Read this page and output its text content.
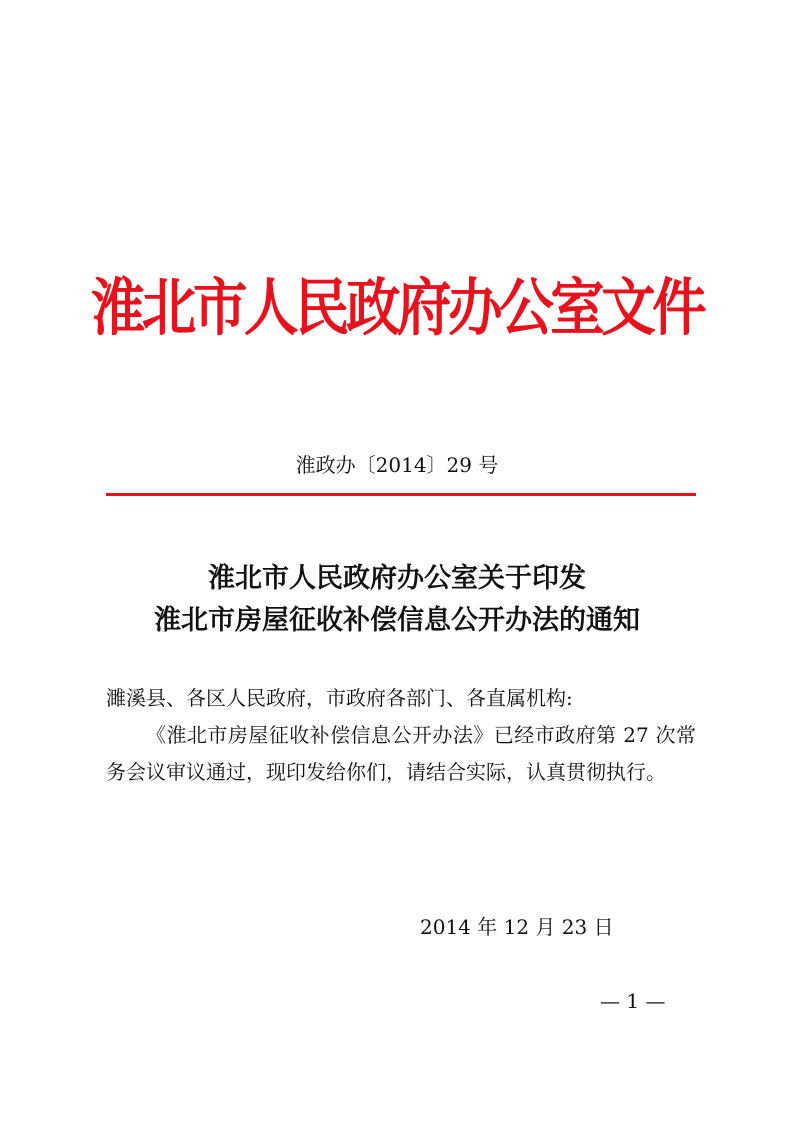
淮北市人民政府办公室文件
淮政办〔2014〕29 号
淮北市人民政府办公室关于印发
淮北市房屋征收补偿信息公开办法的通知
濉溪县、各区人民政府，市政府各部门、各直属机构:
《淮北市房屋征收补偿信息公开办法》已经市政府第 27 次常务会议审议通过，现印发给你们，请结合实际，认真贯彻执行。
2014 年 12 月 23 日
— 1 —
